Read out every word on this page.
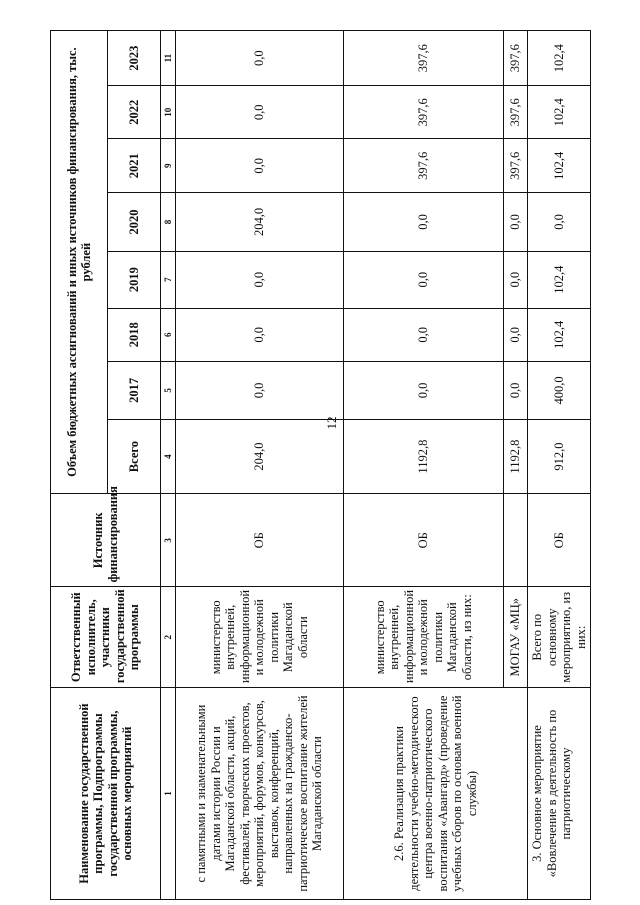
12
Наименование государственной программы, Подпрограммы государственной программы, основных мероприятий	Ответственный исполнитель, участники государственной программы	Источник финансирования	Объем бюджетных ассигнований и иных источников финансирования, тыс. рублей							
			Всего	2017	2018	2019	2020	2021	2022	2023
1	2	3	4	5	6	7	8	9	10	11
с памятными и знаменательными датами истории России и Магаданской области, акций, фестивалей, творческих проектов, мероприятий, форумов, конкурсов, выставок, конференций, направленных на гражданско-патриотическое воспитание жителей Магаданской области	министерство внутренней, информационной и молодежной политики Магаданской области	ОБ	204,0	0,0	0,0	0,0	204,0	0,0	0,0	0,0
2.6. Реализация практики деятельности учебно-методического центра военно-патриотического воспитания «Авангард» (проведение учебных сборов по основам военной службы)	министерство внутренней, информационной и молодежной политики Магаданской области, из них:	ОБ	1192,8	0,0	0,0	0,0	0,0	397,6	397,6	397,6
	МОГАУ «МЦ»		1192,8	0,0	0,0	0,0	0,0	397,6	397,6	397,6
3. Основное мероприятие «Вовлечение в деятельность по патриотическому	Всего по основному мероприятию, из них:	ОБ	912,0	400,0	102,4	102,4	0,0	102,4	102,4	102,4
